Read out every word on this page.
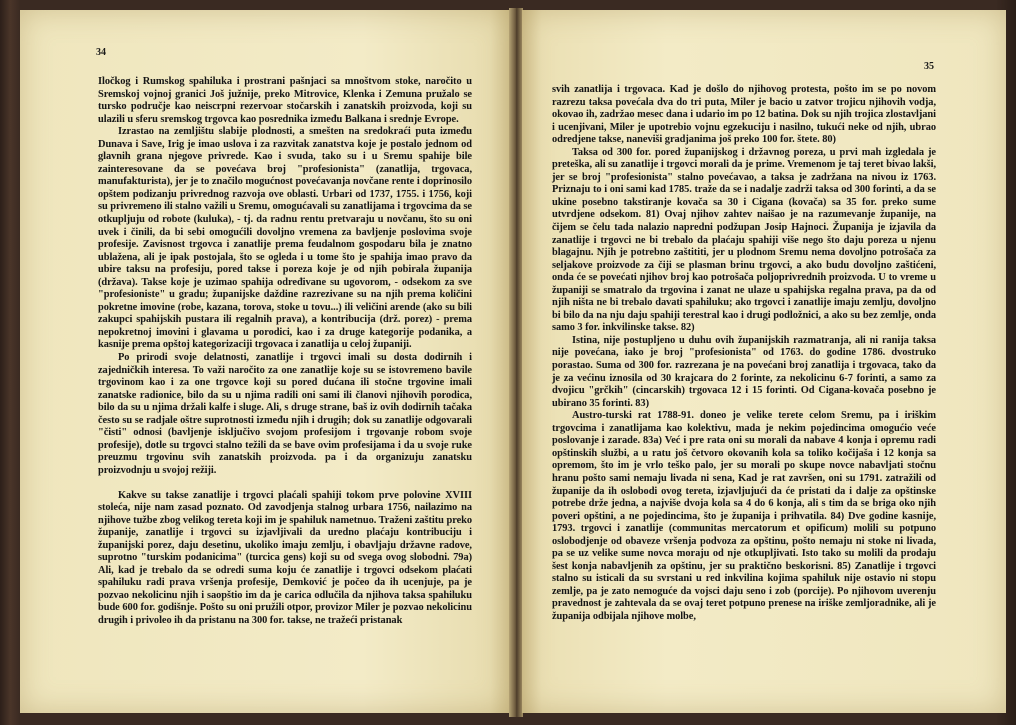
34

Iločkog i Rumskog spahiluka i prostrani pašnjaci sa mnoštvom stoke, naročito u Sremskoj vojnoj granici Još južnije, preko Mitrovice, Klenka i Zemuna pružalo se tursko područje kao neiscrpni rezervoar stočarskih i zanatskih proizvoda, koji su ulazili u sferu sremskog trgovca kao posrednika između Balkana i srednje Evrope.

Izrastao na zemljištu slabije plodnosti, a smešten na sredokraći puta između Dunava i Save, Irig je imao uslova i za razvitak zanatstva koje je postalo jednom od glavnih grana njegove privrede. Kao i svuda, tako su i u Sremu spahije bile zainteresovane da se povećava broj "profesionista" (zanatlija, trgovaca, manufakturista), jer je to značilo mogućnost povećavanja novčane rente i doprinosilo opštem podizanju privrednog razvoja ove oblasti. Urbari od 1737, 1755. i 1756, koji su privremeno ili stalno važili u Sremu, omogućavali su zanatlijama i trgovcima da se otkupljuju od robote (kuluka), - tj. da radnu rentu pretvaraju u novčanu, što su oni uvek i činili, da bi sebi omogućili dovoljno vremena za bavljenje poslovima svoje profesije. Zavisnost trgovca i zanatlije prema feudalnom gospodaru bila je znatno ublažena, ali je ipak postojala, što se ogleda i u tome što je spahija imao pravo da ubire taksu na profesiju, pored takse i poreza koje je od njih pobirala županija (država). Takse koje je uzimao spahija određivane su ugovorom, - odsekom za sve "profesioniste" u gradu; županijske daždine razrezivane su na njih prema količini pokretne imovine (robe, kazana, torova, stoke u tovu...) ili veličini arende (ako su bili zakupci spahijskih pustara ili regalnih prava), a kontribucija (drž. porez) - prema nepokretnoj imovini i glavama u porodici, kao i za druge kategorije podanika, a kasnije prema opštoj kategorizaciji trgovaca i zanatlija u celoj županiji.

Po prirodi svoje delatnosti, zanatlije i trgovci imali su dosta dodirnih i zajedničkih interesa. To važi naročito za one zanatlije koje su se istovremeno bavile trgovinom kao i za one trgovce koji su pored dućana ili stočne trgovine imali zanatske radionice, bilo da su u njima radili oni sami ili članovi njihovih porodica, bilo da su u njima držali kalfe i sluge. Ali, s druge strane, baš iz ovih dodirnih tačaka često su se radjale oštre suprotnosti između njih i drugih; dok su zanatlije odgovarali "čisti" odnosi (bavljenje isključivo svojom profesijom i trgovanje robom svoje profesije), dotle su trgovci stalno težili da se bave ovim profesijama i da u svoje ruke preuzmu trgovinu svih zanatskih proizvoda. pa i da organizuju zanatsku proizvodnju u svojoj režiji.

Kakve su takse zanatlije i trgovci plaćali spahiji tokom prve polovine XVIII stoleća, nije nam zasad poznato. Od zavodjenja stalnog urbara 1756, nailazimo na njihove tužbe zbog velikog tereta koji im je spahiluk nametnuo. Traženi zaštitu preko županije, zanatlije i trgovci su izjavljivali da uredno plaćaju kontribuciju i županijski porez, daju desetinu, ukoliko imaju zemlju, i obavljaju državne radove, suprotno "turskim podanicima" (turcica gens) koji su od svega ovog slobodni. 79a) Ali, kad je trebalo da se odredi suma koju će zanatlije i trgovci odsekom plaćati spahiluku radi prava vršenja profesije, Demković je počeo da ih ucenjuje, pa je pozvao nekolicinu njih i saopštio im da je carica odlučila da njihova taksa spahiluku bude 600 for. godišnje. Pošto su oni pružili otpor, provizor Miler je pozvao nekolicinu drugih i privoleo ih da pristanu na 300 for. takse, ne tražeći pristanak

35

svih zanatlija i trgovaca. Kad je došlo do njihovog protesta, pošto im se po novom razrezu taksa povećala dva do tri puta, Miler je bacio u zatvor trojicu njihovih vodja, okovao ih, zadržao mesec dana i udario im po 12 batina. Dok su njih trojica zlostavljani i ucenjivani, Miler je upotrebio vojnu egzekuciju i nasilno, tukući neke od njih, ubrao odredjene takse, naneviši gradjanima još preko 100 for. štete. 80)

Taksa od 300 for. pored županijskog i državnog poreza, u prvi mah izgledala je preteška, ali su zanatlije i trgovci morali da je prime. Vremenom je taj teret bivao lakši, jer se broj "profesionista" stalno povećavao, a taksa je zadržana na nivou iz 1763. Priznaju to i oni sami kad 1785. traže da se i nadalje zadrži taksa od 300 forinti, a da se ukine posebno takstiranje kovača sa 30 i Cigana (kovača) sa 35 for. preko sume utvrdjene odsekom. 81) Ovaj njihov zahtev naišao je na razumevanje županije, na čijem se čelu tada nalazio napredni podžupan Josip Hajnoci. Županija je izjavila da zanatlije i trgovci ne bi trebalo da plaćaju spahiji više nego što daju poreza u njenu blagajnu. Njih je potrebno zaštititi, jer u plodnom Sremu nema dovoljno potrošača za seljakove proizvode za čiji se plasman brinu trgovci, a ako budu dovoljno zaštićeni, onda će se povećati njihov broj kao potrošača poljoprivrednih proizvoda. U to vreme u županiji se smatralo da trgovina i zanat ne ulaze u spahijska regalna prava, pa da od njih ništa ne bi trebalo davati spahiluku; ako trgovci i zanatlije imaju zemlju, dovoljno bi bilo da na nju daju spahiji terestral kao i drugi podložnici, a ako su bez zemlje, onda samo 3 for. inkvilinske takse. 82)

Istina, nije postupljeno u duhu ovih županijskih razmatranja, ali ni ranija taksa nije povećana, iako je broj "profesionista" od 1763. do godine 1786. dvostruko porastao. Suma od 300 for. razrezana je na povećani broj zanatlija i trgovaca, tako da je za većinu iznosila od 30 krajcara do 2 forinte, za nekolicinu 6-7 forinti, a samo za dvojicu "grčkih" (cincarskih) trgovaca 12 i 15 forinti. Od Cigana-kovača posebno je ubirano 35 forinti. 83)

Austro-turski rat 1788-91. doneo je velike terete celom Sremu, pa i iriškim trgovcima i zanatlijama kao kolektivu, mada je nekim pojedincima omogućio veće poslovanje i zarade. 83a) Već i pre rata oni su morali da nabave 4 konja i opremu radi opštinskih službi, a u ratu još četvoro okovanih kola sa toliko kočijaša i 12 konja sa opremom, što im je vrlo teško palo, jer su morali po skupe novce nabavljati stočnu hranu pošto sami nemaju livada ni sena, Kad je rat završen, oni su 1791. zatražili od županije da ih oslobodi ovog tereta, izjavljujući da će pristati da i dalje za opštinske potrebe drže jedna, a najviše dvoja kola sa 4 do 6 konja, ali s tim da se briga oko njih poveri opštini, a ne pojedincima, što je županija i prihvatila. 84) Dve godine kasnije, 1793. trgovci i zanatlije (communitas mercatorum et opificum) molili su potpuno oslobodjenje od obaveze vršenja podvoza za opštinu, pošto nemaju ni stoke ni livada, pa se uz velike sume novca moraju od nje otkupljivati. Isto tako su molili da prodaju šest konja nabavljenih za opštinu, jer su praktično beskorisni. 85) Zanatlije i trgovci stalno su isticali da su svrstani u red inkvilina kojima spahiluk nije ostavio ni stopu zemlje, pa je zato nemoguće da vojsci daju seno i zob (porcije). Po njihovom uverenju pravednost je zahtevala da se ovaj teret potpuno prenese na iriške zemljoradnike, ali je županija odbijala njihove molbe,
